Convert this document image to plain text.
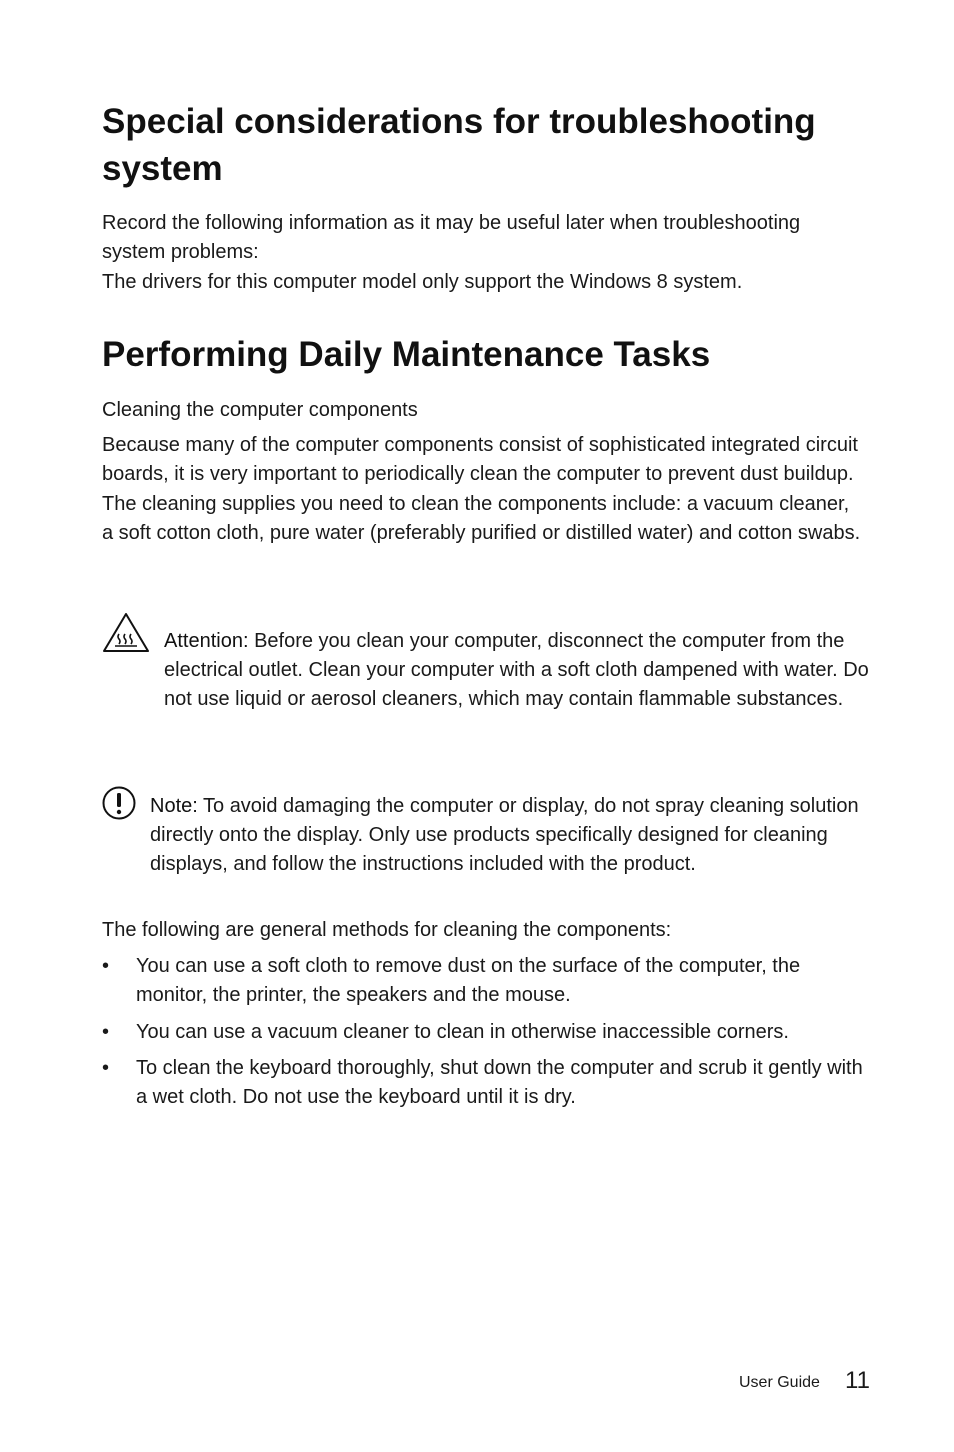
Special considerations for troubleshooting system

Record the following information as it may be useful later when troubleshooting system problems:

The drivers for this computer model only support the Windows 8 system.

Performing Daily Maintenance Tasks
Cleaning the computer components

Because many of the computer components consist of sophisticated integrated circuit boards, it is very important to periodically clean the computer to prevent dust buildup. The cleaning supplies you need to clean the components include: a vacuum cleaner, a soft cotton cloth, pure water (preferably purified or distilled water) and cotton swabs.

Attention: Before you clean your computer, disconnect the computer from the electrical outlet. Clean your computer with a soft cloth dampened with water. Do not use liquid or aerosol cleaners, which may contain flammable substances.
Note: To avoid damaging the computer or display, do not spray cleaning solution directly onto the display. Only use products specifically designed for cleaning displays, and follow the instructions included with the product.
The following are general methods for cleaning the components:
• You can use a soft cloth to remove dust on the surface of the computer, the monitor, the printer, the speakers and the mouse.
• You can use a vacuum cleaner to clean in otherwise inaccessible corners.
• To clean the keyboard thoroughly, shut down the computer and scrub it gently with a wet cloth. Do not use the keyboard until it is dry.
User Guide 11
